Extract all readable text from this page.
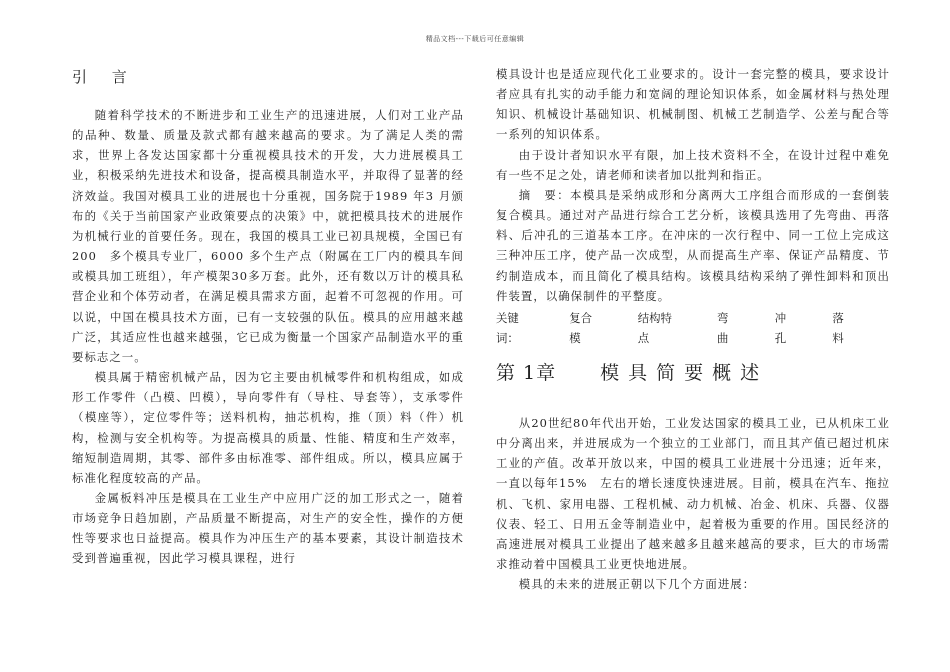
精品文档---下载后可任意编辑
引 言

随着科学技术的不断进步和工业生产的迅速进展，人们对工业产品的品种、数量、质量及款式都有越来越高的要求。为了满足人类的需求，世界上各发达国家都十分重视模具技术的开发，大力进展模具工业，积极采纳先进技术和设备，提高模具制造水平，并取得了显著的经济效益。我国对模具工业的进展也十分重视，国务院于1989 年3 月颁布的《关于当前国家产业政策要点的决策》中，就把模具技术的进展作为机械行业的首要任务。现在，我国的模具工业已初具规模，全国已有200　多个模具专业厂，6000 多个生产点（附属在工厂内的模具车间或模具加工班组），年产模架30多万套。此外，还有数以万计的模具私营企业和个体劳动者，在满足模具需求方面，起着不可忽视的作用。可以说，中国在模具技术方面，已有一支较强的队伍。模具的应用越来越广泛，其适应性也越来越强，它已成为衡量一个国家产品制造水平的重要标志之一。

模具属于精密机械产品，因为它主要由机械零件和机构组成，如成形工作零件（凸模、凹模），导向零件有（导柱、导套等），支承零件（模座等），定位零件等；送料机构，抽芯机构，推（顶）料（件）机构，检测与安全机构等。为提高模具的质量、性能、精度和生产效率，缩短制造周期，其零、部件多由标准零、部件组成。所以，模具应属于标准化程度较高的产品。

金属板料冲压是模具在工业生产中应用广泛的加工形式之一，随着市场竞争日趋加剧，产品质量不断提高，对生产的安全性，操作的方便性等要求也日益提高。模具作为冲压生产的基本要素，其设计制造技术受到普遍重视，因此学习模具课程，进行

模具设计也是适应现代化工业要求的。设计一套完整的模具，要求设计者应具有扎实的动手能力和宽阔的理论知识体系，如金属材料与热处理知识、机械设计基础知识、机械制图、机械工艺制造学、公差与配合等一系列的知识体系。

由于设计者知识水平有限，加上技术资料不全，在设计过程中难免有一些不足之处，请老师和读者加以批判和指正。

摘　要：本模具是采纳成形和分离两大工序组合而形成的一套倒装复合模具。通过对产品进行综合工艺分析，该模具选用了先弯曲、再落料、后冲孔的三道基本工序。在冲床的一次行程中、同一工位上完成这三种冲压工序，使产品一次成型，从而提高生产率、保证产品精度、节约制造成本，而且简化了模具结构。该模具结构采纳了弹性卸料和顶出件装置，以确保制件的平整度。

关键词：
复合模
结构特点
弯曲
冲孔
落料
第 1章 模具简要概述

从20世纪80年代出开始，工业发达国家的模具工业，已从机床工业中分离出来，并进展成为一个独立的工业部门，而且其产值已超过机床工业的产值。改革开放以来，中国的模具工业进展十分迅速；近年来，一直以每年15%　左右的增长速度快速进展。目前，模具在汽车、拖拉机、飞机、家用电器、工程机械、动力机械、冶金、机床、兵器、仪器仪表、轻工、日用五金等制造业中，起着极为重要的作用。国民经济的高速进展对模具工业提出了越来越多且越来越高的要求，巨大的市场需求推动着中国模具工业更快地进展。

模具的未来的进展正朝以下几个方面进展：
